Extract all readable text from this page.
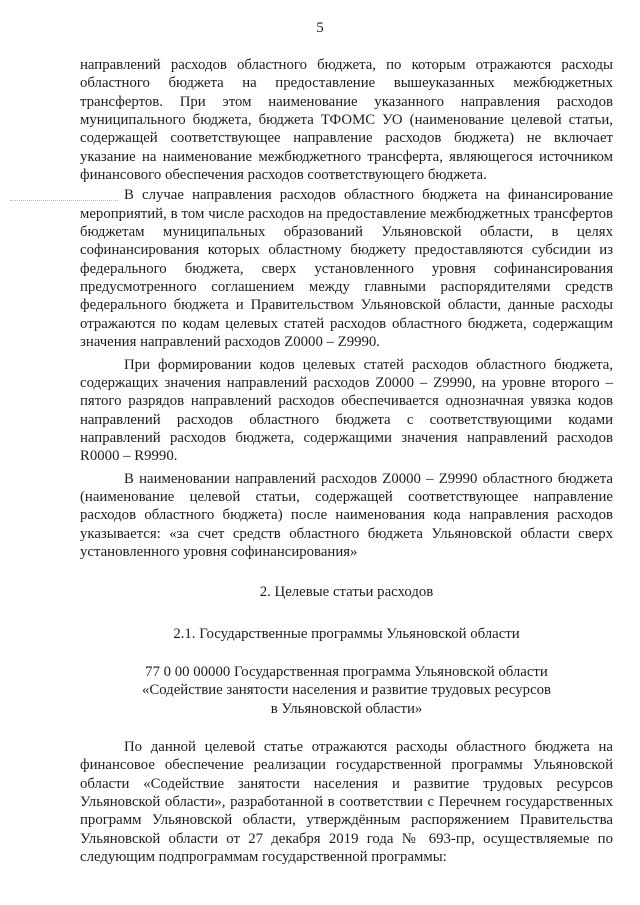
5

направлений расходов областного бюджета, по которым отражаются расходы областного бюджета на предоставление вышеуказанных межбюджетных трансфертов. При этом наименование указанного направления расходов муниципального бюджета, бюджета ТФОМС УО (наименование целевой статьи, содержащей соответствующее направление расходов бюджета) не включает указание на наименование межбюджетного трансферта, являющегося источником финансового обеспечения расходов соответствующего бюджета.

В случае направления расходов областного бюджета на финансирование мероприятий, в том числе расходов на предоставление межбюджетных трансфертов бюджетам муниципальных образований Ульяновской области, в целях софинансирования которых областному бюджету предоставляются субсидии из федерального бюджета, сверх установленного уровня софинансирования предусмотренного соглашением между главными распорядителями средств федерального бюджета и Правительством Ульяновской области, данные расходы отражаются по кодам целевых статей расходов областного бюджета, содержащим значения направлений расходов Z0000 – Z9990.

При формировании кодов целевых статей расходов областного бюджета, содержащих значения направлений расходов Z0000 – Z9990, на уровне второго – пятого разрядов направлений расходов обеспечивается однозначная увязка кодов направлений расходов областного бюджета с соответствующими кодами направлений расходов бюджета, содержащими значения направлений расходов R0000 – R9990.

В наименовании направлений расходов Z0000 – Z9990 областного бюджета (наименование целевой статьи, содержащей соответствующее направление расходов областного бюджета) после наименования кода направления расходов указывается: «за счет средств областного бюджета Ульяновской области сверх установленного уровня софинансирования»

2. Целевые статьи расходов

2.1. Государственные программы Ульяновской области

77 0 00 00000 Государственная программа Ульяновской области «Содействие занятости населения и развитие трудовых ресурсов в Ульяновской области»

По данной целевой статье отражаются расходы областного бюджета на финансовое обеспечение реализации государственной программы Ульяновской области «Содействие занятости населения и развитие трудовых ресурсов Ульяновской области», разработанной в соответствии с Перечнем государственных программ Ульяновской области, утверждённым распоряжением Правительства Ульяновской области от 27 декабря 2019 года № 693-пр, осуществляемые по следующим подпрограммам государственной программы:
